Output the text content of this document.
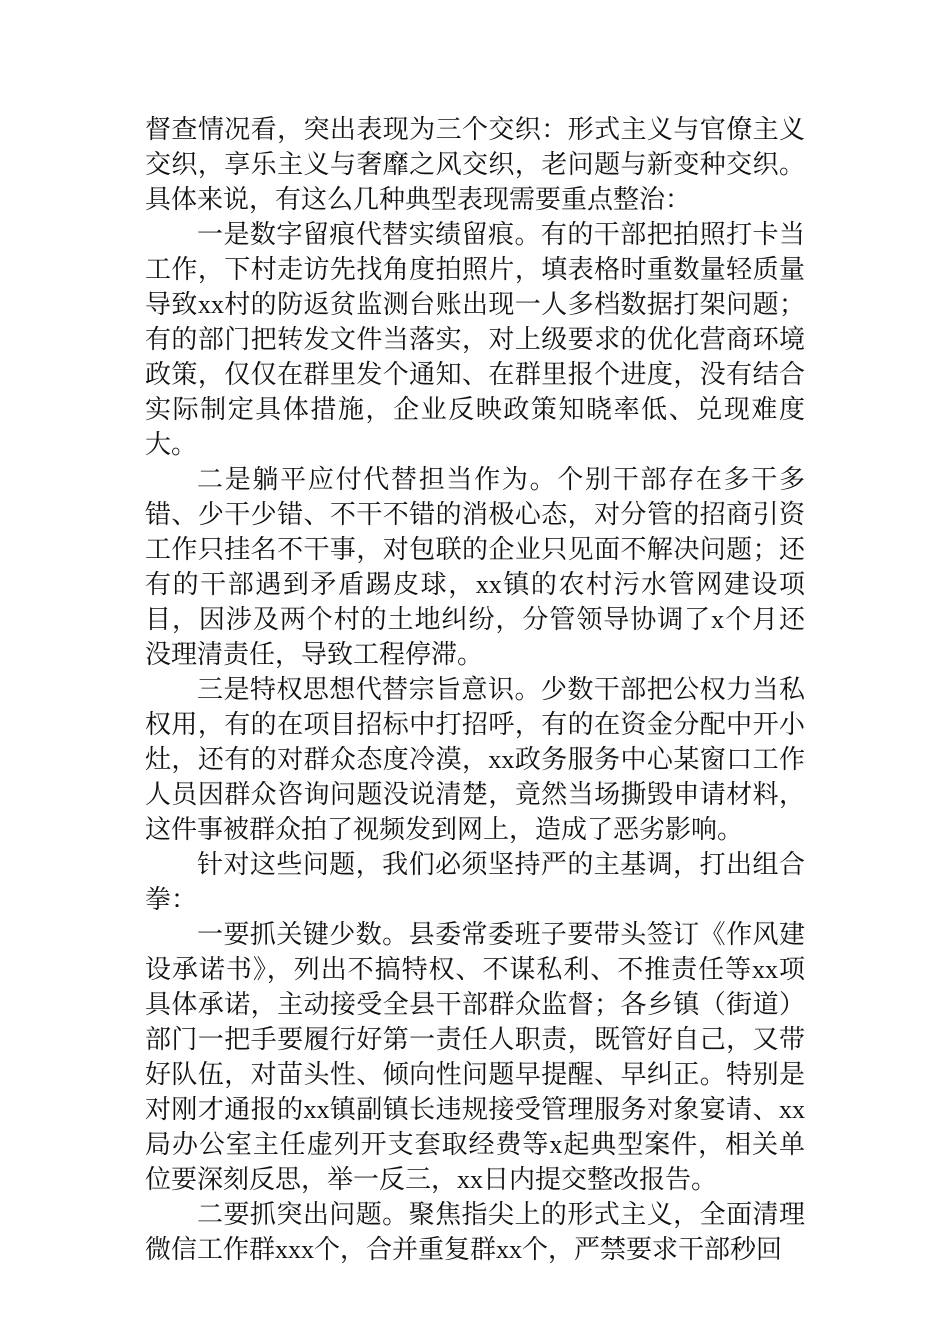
督查情况看，突出表现为三个交织：形式主义与官僚主义交织，享乐主义与奢靡之风交织，老问题与新变种交织。具体来说，有这么几种典型表现需要重点整治：

一是数字留痕代替实绩留痕。有的干部把拍照打卡当工作，下村走访先找角度拍照片，填表格时重数量轻质量导致xx村的防返贫监测台账出现一人多档数据打架问题；有的部门把转发文件当落实，对上级要求的优化营商环境政策，仅仅在群里发个通知、在群里报个进度，没有结合实际制定具体措施，企业反映政策知晓率低、兑现难度大。

二是躺平应付代替担当作为。个别干部存在多干多错、少干少错、不干不错的消极心态，对分管的招商引资工作只挂名不干事，对包联的企业只见面不解决问题；还有的干部遇到矛盾踢皮球，xx镇的农村污水管网建设项目，因涉及两个村的土地纠纷，分管领导协调了x个月还没理清责任，导致工程停滞。

三是特权思想代替宗旨意识。少数干部把公权力当私权用，有的在项目招标中打招呼，有的在资金分配中开小灶，还有的对群众态度冷漠，xx政务服务中心某窗口工作人员因群众咨询问题没说清楚，竟然当场撕毁申请材料，这件事被群众拍了视频发到网上，造成了恶劣影响。

针对这些问题，我们必须坚持严的主基调，打出组合拳：

一要抓关键少数。县委常委班子要带头签订《作风建设承诺书》，列出不搞特权、不谋私利、不推责任等xx项具体承诺，主动接受全县干部群众监督；各乡镇（街道）部门一把手要履行好第一责任人职责，既管好自己，又带好队伍，对苗头性、倾向性问题早提醒、早纠正。特别是对刚才通报的xx镇副镇长违规接受管理服务对象宴请、xx局办公室主任虚列开支套取经费等x起典型案件，相关单位要深刻反思，举一反三，xx日内提交整改报告。

二要抓突出问题。聚焦指尖上的形式主义，全面清理微信工作群xxx个，合并重复群xx个，严禁要求干部秒回
